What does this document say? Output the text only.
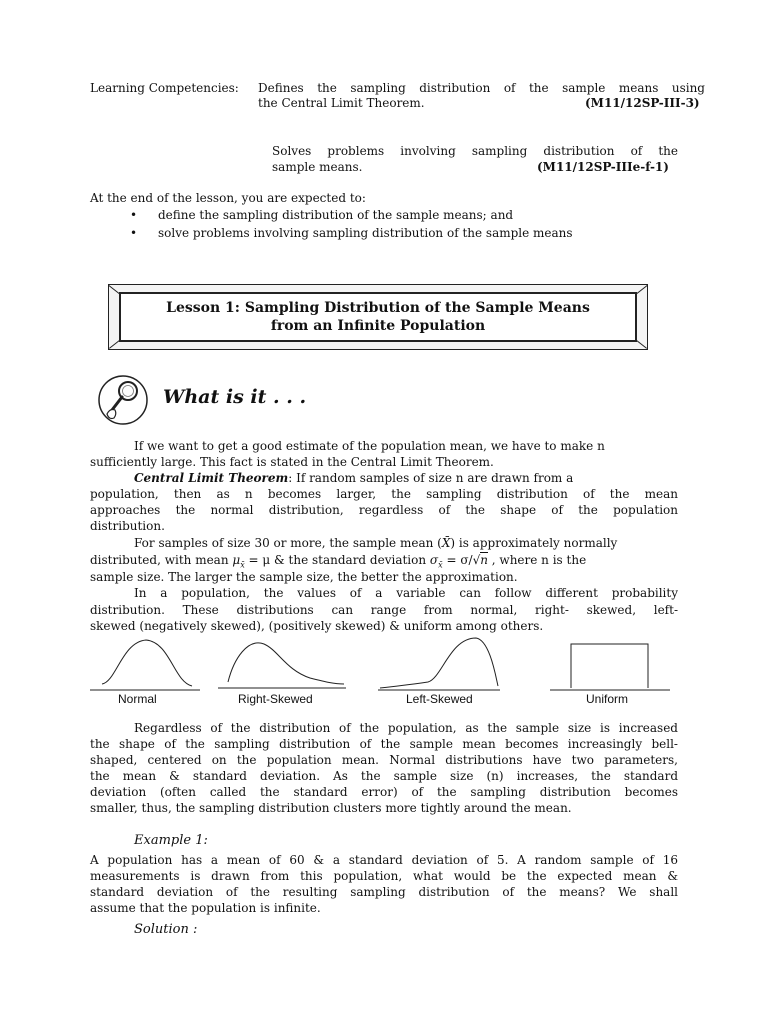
Learning Competencies: Defines the sampling distribution of the sample means using
the Central Limit Theorem.	(M11/12SP-III-3)
Solves problems involving sampling distribution of the
sample means.	(M11/12SP-IIIe-f-1)
At the end of the lesson, you are expected to:
• define the sampling distribution of the sample means; and
• solve problems involving sampling distribution of the sample means
Lesson 1: Sampling Distribution of the Sample Means
from an Infinite Population
What is it . . .
If we want to get a good estimate of the population mean, we have to make n
sufficiently large. This fact is stated in the Central Limit Theorem.
Central Limit Theorem: If random samples of size n are drawn from a
population, then as n becomes larger, the sampling distribution of the mean
approaches the normal distribution, regardless of the shape of the population
distribution.
For samples of size 30 or more, the sample mean (X̄) is approximately normally
distributed, with mean $\mu_{x̄} = \mu$ & the standard deviation $\sigma_{x̄} = \sigma/√n$ , where n is the
sample size. The larger the sample size, the better the approximation.
In a population, the values of a variable can follow different probability
distribution. These distributions can range from normal, right- skewed, left-
skewed (negatively skewed), (positively skewed) & uniform among others.
Normal	Right-Skewed	Left-Skewed	Uniform
Regardless of the distribution of the population, as the sample size is increased
the shape of the sampling distribution of the sample mean becomes increasingly bell-
shaped, centered on the population mean. Normal distributions have two parameters,
the mean & standard deviation. As the sample size (n) increases, the standard
deviation (often called the standard error) of the sampling distribution becomes
smaller, thus, the sampling distribution clusters more tightly around the mean.
Example 1:
A population has a mean of 60 & a standard deviation of 5. A random sample of 16
measurements is drawn from this population, what would be the expected mean &
standard deviation of the resulting sampling distribution of the means? We shall
assume that the population is infinite.
Solution :
